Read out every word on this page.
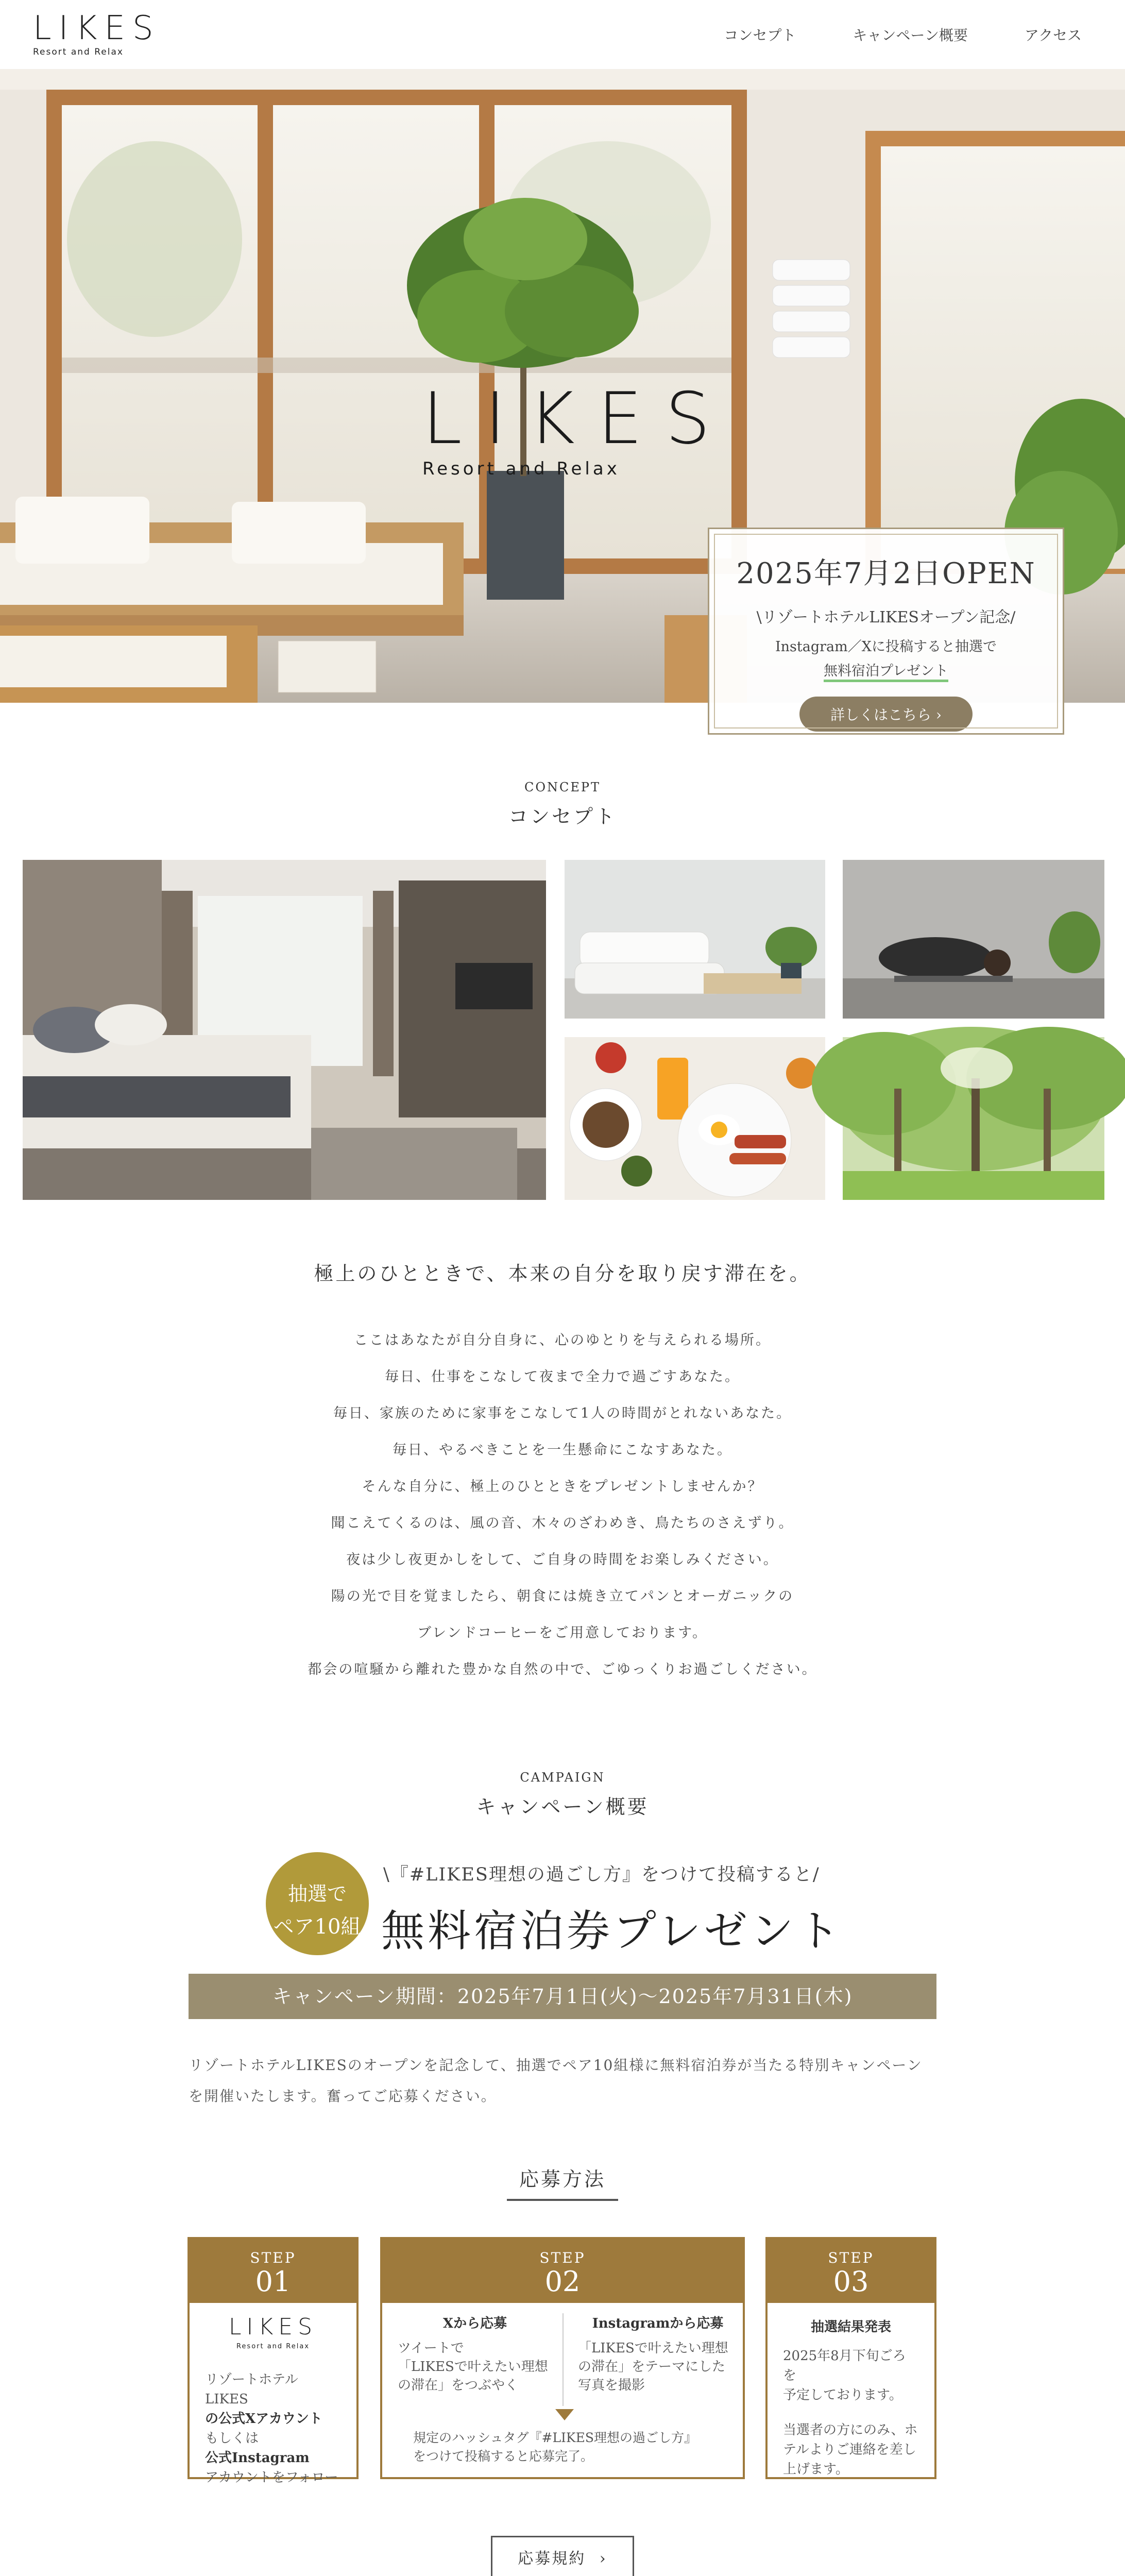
LIKES
Resort and Relax
コンセプト	キャンペーン概要	アクセス
LIKES
Resort and Relax
2025年7月2日OPEN
\リゾートホテルLIKESオープン記念/
Instagram／Xに投稿すると抽選で
無料宿泊プレゼント
詳しくはこちら ›
CONCEPT
コンセプト
極上のひとときで、本来の自分を取り戻す滞在を。

ここはあなたが自分自身に、心のゆとりを与えられる場所。

毎日、仕事をこなして夜まで全力で過ごすあなた。

毎日、家族のために家事をこなして1人の時間がとれないあなた。

毎日、やるべきことを一生懸命にこなすあなた。

そんな自分に、極上のひとときをプレゼントしませんか？

聞こえてくるのは、風の音、木々のざわめき、鳥たちのさえずり。

夜は少し夜更かしをして、ご自身の時間をお楽しみください。

陽の光で目を覚ましたら、朝食には焼き立てパンとオーガニックの

ブレンドコーヒーをご用意しております。

都会の喧騒から離れた豊かな自然の中で、ごゆっくりお過ごしください。

CAMPAIGN
キャンペーン概要
抽選で
ペア10組
\『#LIKES理想の過ごし方』をつけて投稿すると/
無料宿泊券プレゼント
キャンペーン期間：2025年7月1日(火)〜2025年7月31日(木)
リゾートホテルLIKESのオープンを記念して、抽選でペア10組様に無料宿泊券が当たる特別キャンペーンを開催いたします。奮ってご応募ください。
応募方法
STEP
01
LIKES
Resort and Relax
リゾートホテルLIKES
の公式Xアカウント
もしくは
公式Instagram
アカウントをフォロー
STEP
02
Xから応募
ツイートで
「LIKESで叶えたい理想
の滞在」をつぶやく
Instagramから応募
「LIKESで叶えたい理想
の滞在」をテーマにした
写真を撮影
規定のハッシュタグ『#LIKES理想の過ごし方』
をつけて投稿すると応募完了。
STEP
03
抽選結果発表
2025年8月下旬ごろを
予定しております。
当選者の方にのみ、ホ
テルよりご連絡を差し
上げます。
応募規約 ›
